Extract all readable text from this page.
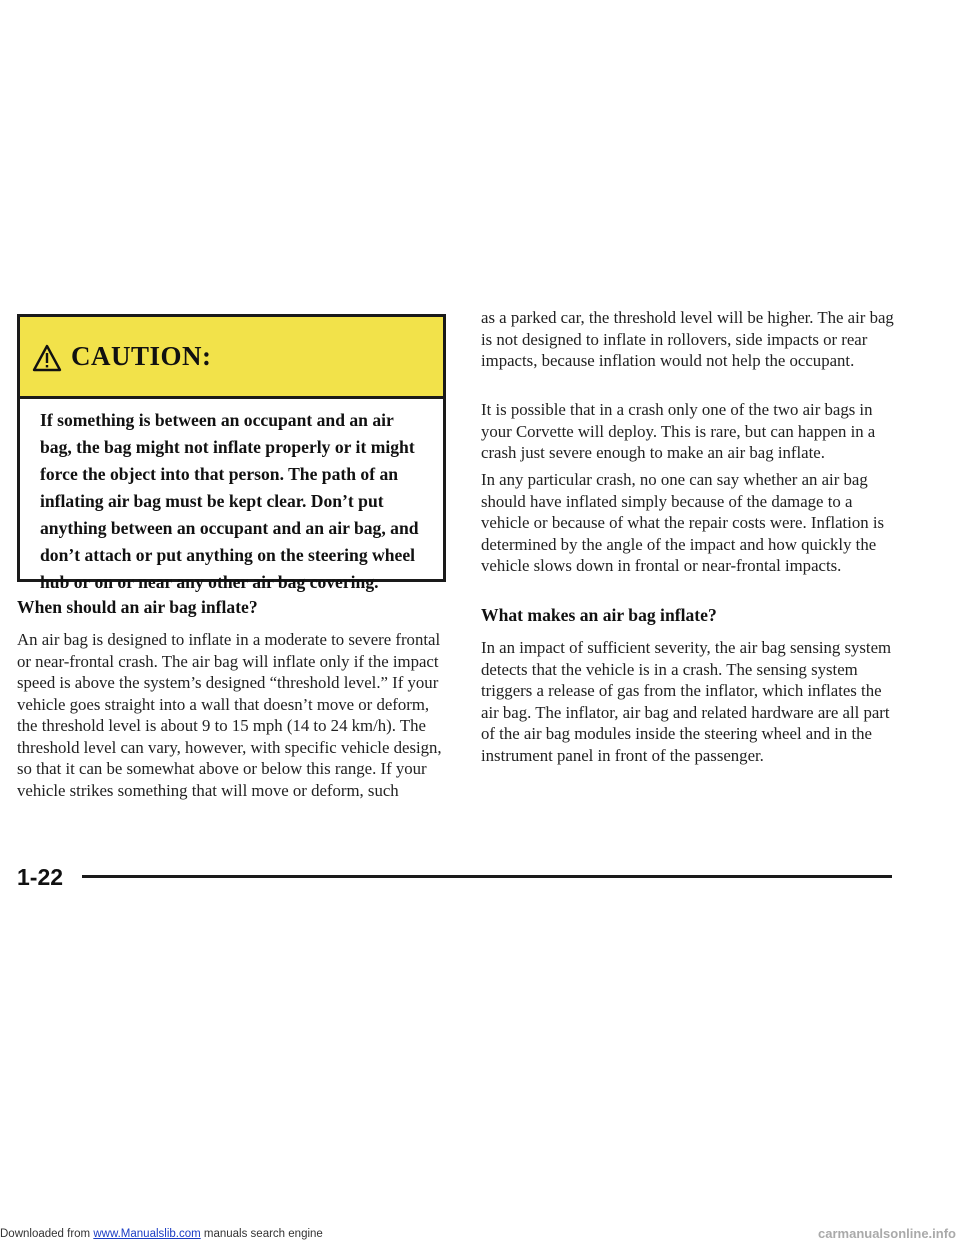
CAUTION:
If something is between an occupant and an air bag, the bag might not inflate properly or it might force the object into that person. The path of an inflating air bag must be kept clear. Don’t put anything between an occupant and an air bag, and don’t attach or put anything on the steering wheel hub or on or near any other air bag covering.
When should an air bag inflate?

An air bag is designed to inflate in a moderate to severe frontal or near-frontal crash. The air bag will inflate only if the impact speed is above the system’s designed “threshold level.” If your vehicle goes straight into a wall that doesn’t move or deform, the threshold level is about 9 to 15 mph (14 to 24 km/h). The threshold level can vary, however, with specific vehicle design, so that it can be somewhat above or below this range. If your vehicle strikes something that will move or deform, such

as a parked car, the threshold level will be higher. The air bag is not designed to inflate in rollovers, side impacts or rear impacts, because inflation would not help the occupant.

It is possible that in a crash only one of the two air bags in your Corvette will deploy. This is rare, but can happen in a crash just severe enough to make an air bag inflate.

In any particular crash, no one can say whether an air bag should have inflated simply because of the damage to a vehicle or because of what the repair costs were. Inflation is determined by the angle of the impact and how quickly the vehicle slows down in frontal or near-frontal impacts.

What makes an air bag inflate?

In an impact of sufficient severity, the air bag sensing system detects that the vehicle is in a crash. The sensing system triggers a release of gas from the inflator, which inflates the air bag. The inflator, air bag and related hardware are all part of the air bag modules inside the steering wheel and in the instrument panel in front of the passenger.

1-22
Downloaded from www.Manualslib.com manuals search engine	carmanualsonline.info
